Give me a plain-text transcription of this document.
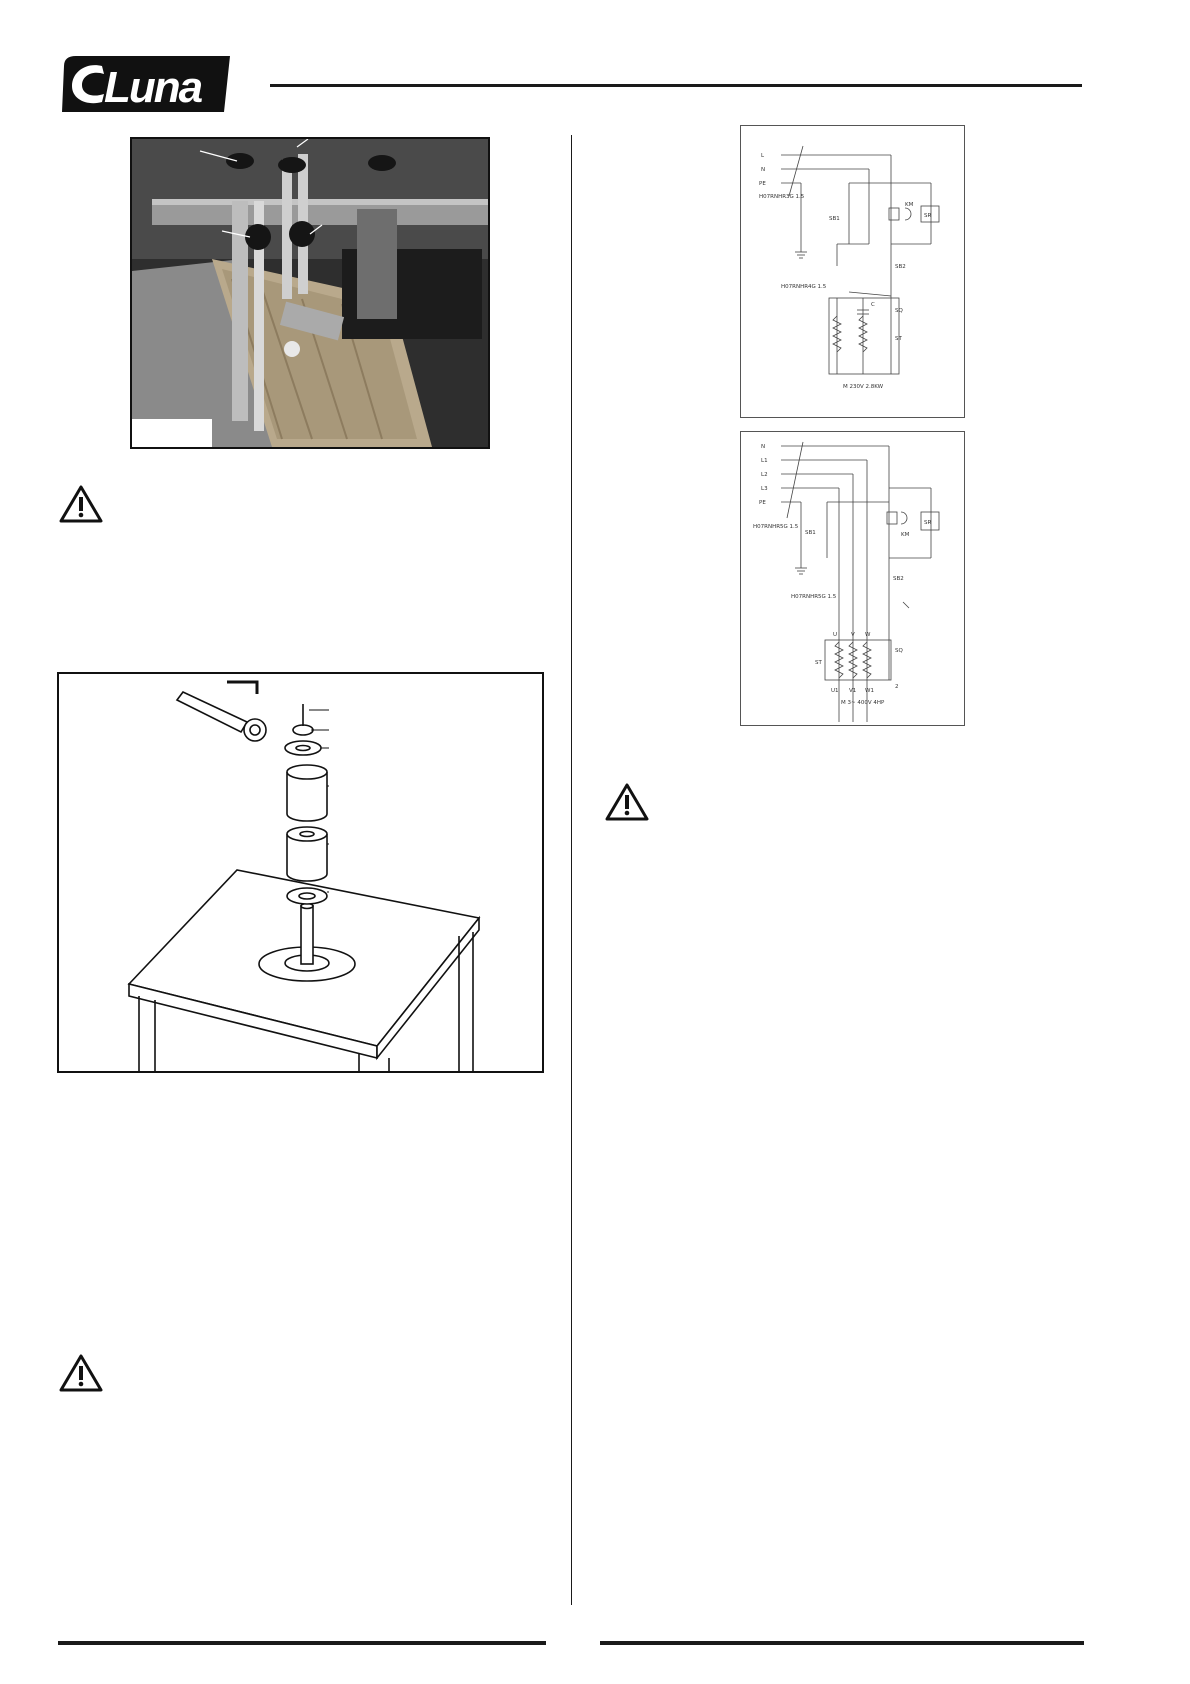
Luna
L
N
PE
H07RNHR3G 1.5
SB1
KM
SR
SB2
H07RNHR4G 1.5
SQ
ST
C
M 230V 2.8KW
N
L1
L2
L3
PE
H07RNHR5G 1.5
SB1	KM
SR
SB2
H07RNHR5G 1.5
U	V W
U1 V1 W1
SQ
ST
2
M 3~ 400V 4HP
